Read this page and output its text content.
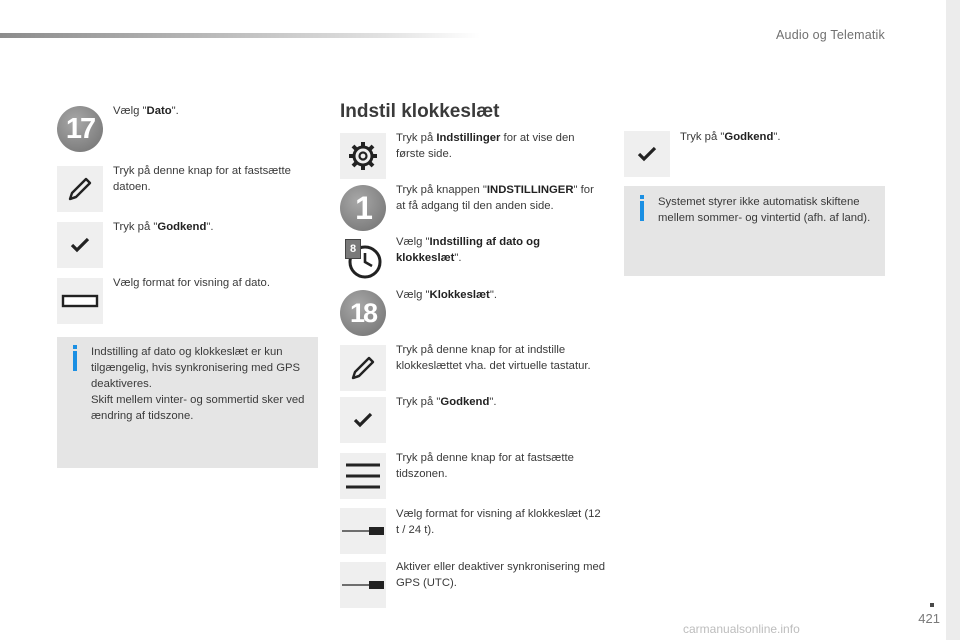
Audio og Telematik
17
Vælg "Dato".
Tryk på denne knap for at fastsætte datoen.
Tryk på "Godkend".
Vælg format for visning af dato.
Indstilling af dato og klokkeslæt er kun tilgængelig, hvis synkronisering med GPS deaktiveres.
Skift mellem vinter- og sommertid sker ved ændring af tidszone.
Indstil klokkeslæt
Tryk på Indstillinger for at vise den første side.
1	Tryk på knappen "INDSTILLINGER" for at få adgang til den anden side.
8
Vælg "Indstilling af dato og klokkeslæt".
18
Vælg "Klokkeslæt".
Tryk på denne knap for at indstille klokkeslættet vha. det virtuelle tastatur.
Tryk på "Godkend".
Tryk på denne knap for at fastsætte tidszonen.
Vælg format for visning af klokkeslæt (12 t / 24 t).
Aktiver eller deaktiver synkronisering med GPS (UTC).
Tryk på "Godkend".
Systemet styrer ikke automatisk skiftene mellem sommer- og vintertid (afh. af land).
421
carmanualsonline.info
